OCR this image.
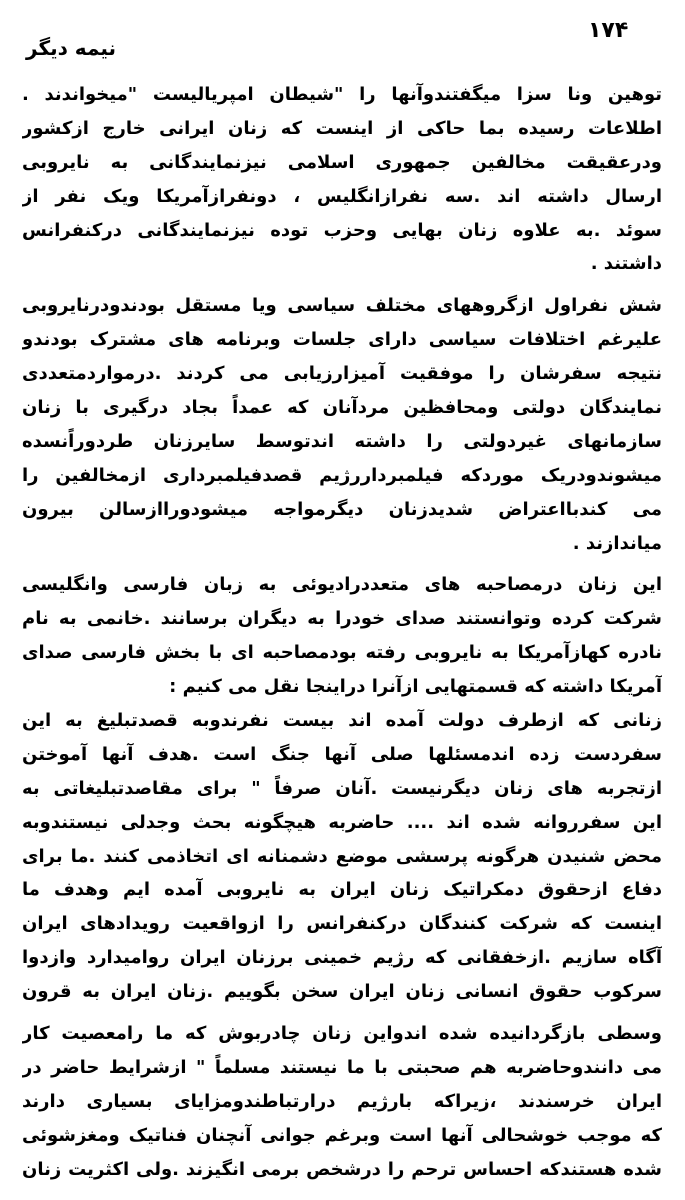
۱۷۴
نیمه دیگر
توهین ونا سزا میگفتندوآنها را "شیطان امپریالیست "میخواندند .
اطلاعات رسیده بما حاکی از اینست که زنان ایرانی خارج ازکشور
ودرعقیقت مخالفین جمهوری اسلامی نیزنمایندگانی به نایروبی
ارسال داشته اند .سه نفرازانگلیس ، دونفرازآمریکا ویک نفر از
سوئد .به علاوه زنان بهایی وحزب توده نیزنمایندگانی درکنفرانس
داشتند .
شش نفراول ازگروههای مختلف سیاسی ویا مستقل بودندودرنایروبی
علیرغم اختلافات سیاسی دارای جلسات وبرنامه های مشترک بودندو
نتیجه سفرشان را موفقیت آمیزارزیابی می کردند .درمواردمتعددی
نمایندگان دولتی ومحافظین مردآنان که عمداً بجاد درگیری با زنان
سازمانهای غیردولتی را داشته اندتوسط سایرزنان طردوراًنسده
میشوندودریک موردکه فیلمبرداررژیم قصدفیلمبرداری ازمخالفین را
می کندبااعتراض شدیدزنان دیگرمواجه میشودوراازسالن بیرون
میاندازند .
این زنان درمصاحبه های متعددرادیوئی به زبان فارسی وانگلیسی
شرکت کرده وتوانستند صدای خودرا به دیگران برسانند .خانمی به نام
نادره کهازآمریکا به نایروبی رفته بودمصاحبه ای با بخش فارسی صدای
آمریکا داشته که قسمتهایی ازآنرا دراینجا نقل می کنیم :
زنانی که ازطرف دولت آمده اند بیست نفرندوبه قصدتبلیغ به این
سفردست زده اندمسئلها صلی آنها جنگ است .هدف آنها آموختن
ازتجربه های زنان دیگرنیست .آنان صرفاً " برای مقاصدتبلیغاتی به
این سفرروانه شده اند .... حاضربه هیچگونه بحث وجدلی نیستندوبه
محض شنیدن هرگونه پرسشی موضع دشمنانه ای اتخاذمی کنند .ما برای
دفاع ازحقوق دمکراتیک زنان ایران به نایروبی آمده ایم وهدف ما
اینست که شرکت کنندگان درکنفرانس را ازواقعیت رویدادهای ایران
آگاه سازیم .ازخفقانی که رژیم خمینی برزنان ایران روامیدارد وازدوا
سرکوب حقوق انسانی زنان ایران سخن بگوییم .زنان ایران به قرون
وسطی بازگردانیده شده اندواین زنان چادربوش که ما رامعصیت کار
می دانندوحاضربه هم صحبتی با ما نیستند مسلماً " ازشرایط حاضر در
ایران خرسندند ،زیراکه بارژیم درارتباطندومزایای بسیاری دارند
که موجب خوشحالی آنها است وبرغم جوانی آنچنان فناتیک ومغزشوئی
شده هستندکه احساس ترحم را درشخص برمی انگیزند .ولی اکثریت زنان
